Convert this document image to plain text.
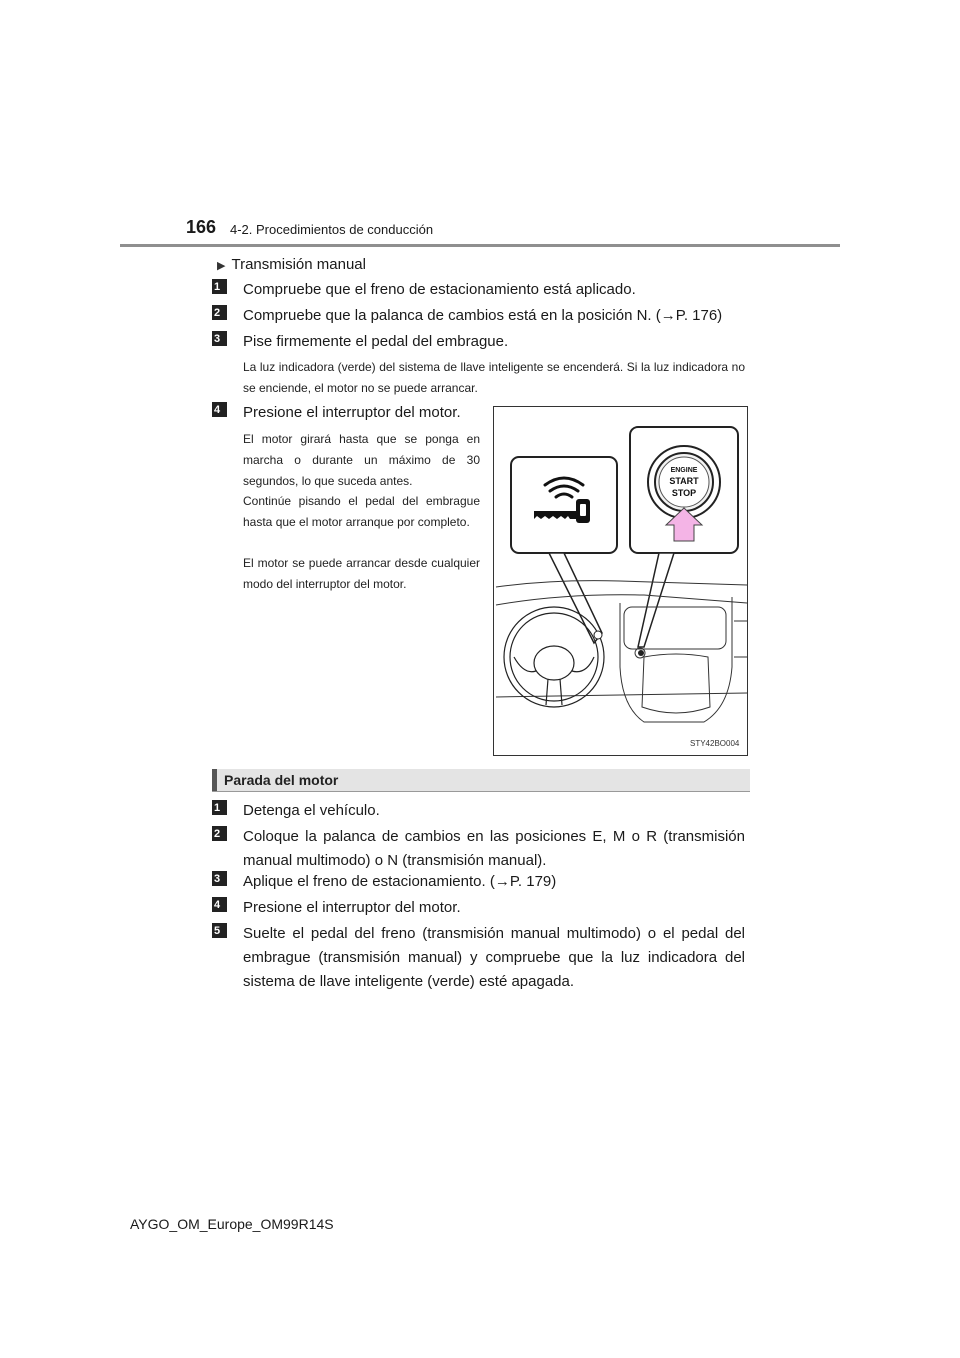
166 4-2. Procedimientos de conducción
▶ Transmisión manual
1	Compruebe que el freno de estacionamiento está aplicado.
2	Compruebe que la palanca de cambios está en la posición N. (→P. 176)
3	Pise firmemente el pedal del embrague.
La luz indicadora (verde) del sistema de llave inteligente se encenderá. Si la luz indicadora no se enciende, el motor no se puede arrancar.
4	Presione el interruptor del motor.
El motor girará hasta que se ponga en marcha o durante un máximo de 30 segundos, lo que suceda antes.
Continúe pisando el pedal del embrague hasta que el motor arranque por completo.
El motor se puede arrancar desde cualquier modo del interruptor del motor.
ENGINE
START
STOP
STY42BO004
Parada del motor
1	Detenga el vehículo.
2	Coloque la palanca de cambios en las posiciones E, M o R (transmisión manual multimodo) o N (transmisión manual).
3	Aplique el freno de estacionamiento. (→P. 179)
4	Presione el interruptor del motor.
5	Suelte el pedal del freno (transmisión manual multimodo) o el pedal del embrague (transmisión manual) y compruebe que la luz indicadora del sistema de llave inteligente (verde) esté apagada.
AYGO_OM_Europe_OM99R14S
